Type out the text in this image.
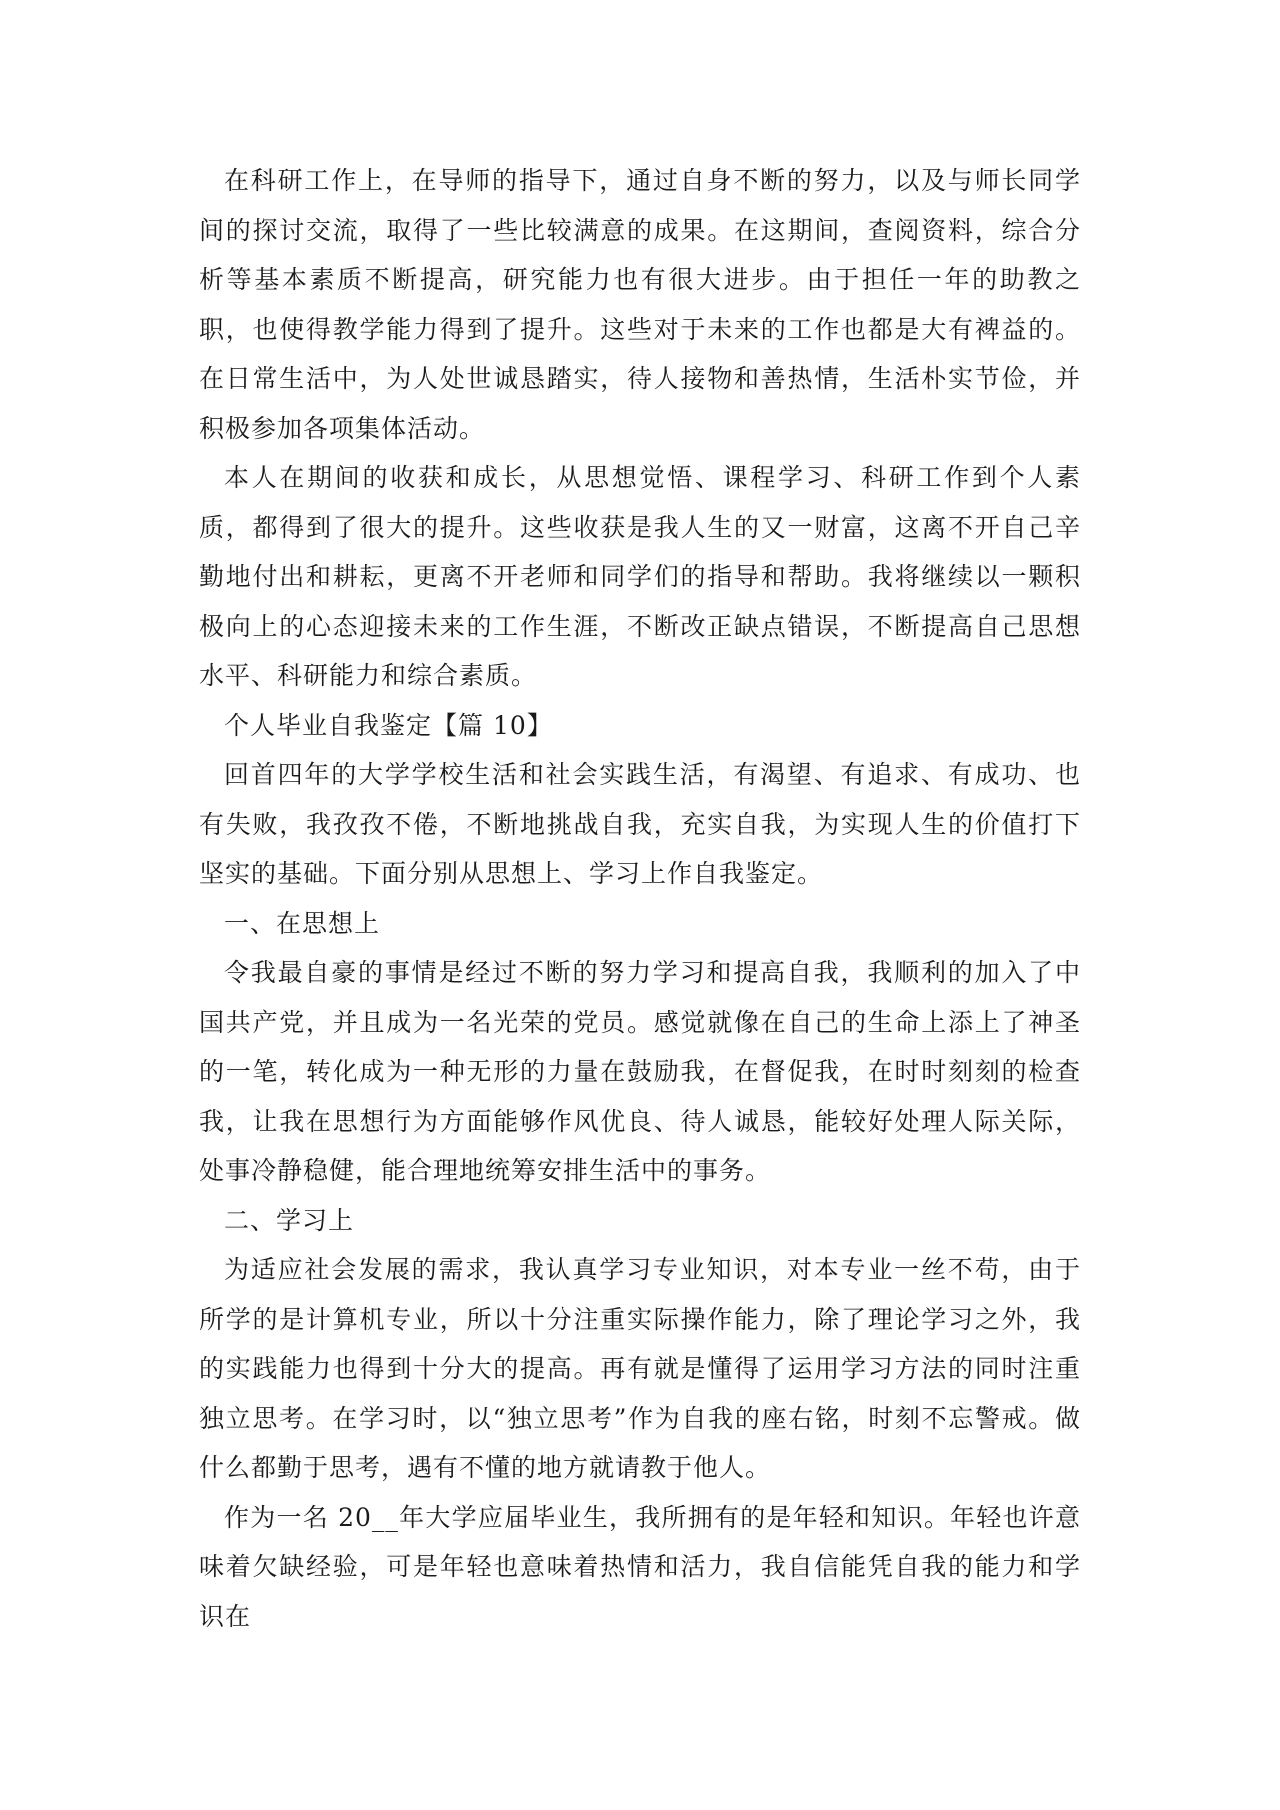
在科研工作上，在导师的指导下，通过自身不断的努力，以及与师长同学间的探讨交流，取得了一些比较满意的成果。在这期间，查阅资料，综合分析等基本素质不断提高，研究能力也有很大进步。由于担任一年的助教之职，也使得教学能力得到了提升。这些对于未来的工作也都是大有裨益的。在日常生活中，为人处世诚恳踏实，待人接物和善热情，生活朴实节俭，并积极参加各项集体活动。

本人在期间的收获和成长，从思想觉悟、课程学习、科研工作到个人素质，都得到了很大的提升。这些收获是我人生的又一财富，这离不开自己辛勤地付出和耕耘，更离不开老师和同学们的指导和帮助。我将继续以一颗积极向上的心态迎接未来的工作生涯，不断改正缺点错误，不断提高自己思想水平、科研能力和综合素质。

个人毕业自我鉴定【篇 10】

回首四年的大学学校生活和社会实践生活，有渴望、有追求、有成功、也有失败，我孜孜不倦，不断地挑战自我，充实自我，为实现人生的价值打下坚实的基础。下面分别从思想上、学习上作自我鉴定。

一、在思想上

令我最自豪的事情是经过不断的努力学习和提高自我，我顺利的加入了中国共产党，并且成为一名光荣的党员。感觉就像在自己的生命上添上了神圣的一笔，转化成为一种无形的力量在鼓励我，在督促我，在时时刻刻的检查我，让我在思想行为方面能够作风优良、待人诚恳，能较好处理人际关际，处事冷静稳健，能合理地统筹安排生活中的事务。

二、学习上

为适应社会发展的需求，我认真学习专业知识，对本专业一丝不苟，由于所学的是计算机专业，所以十分注重实际操作能力，除了理论学习之外，我的实践能力也得到十分大的提高。再有就是懂得了运用学习方法的同时注重独立思考。在学习时，以“独立思考”作为自我的座右铭，时刻不忘警戒。做什么都勤于思考，遇有不懂的地方就请教于他人。

作为一名 20__年大学应届毕业生，我所拥有的是年轻和知识。年轻也许意味着欠缺经验，可是年轻也意味着热情和活力，我自信能凭自我的能力和学识在
